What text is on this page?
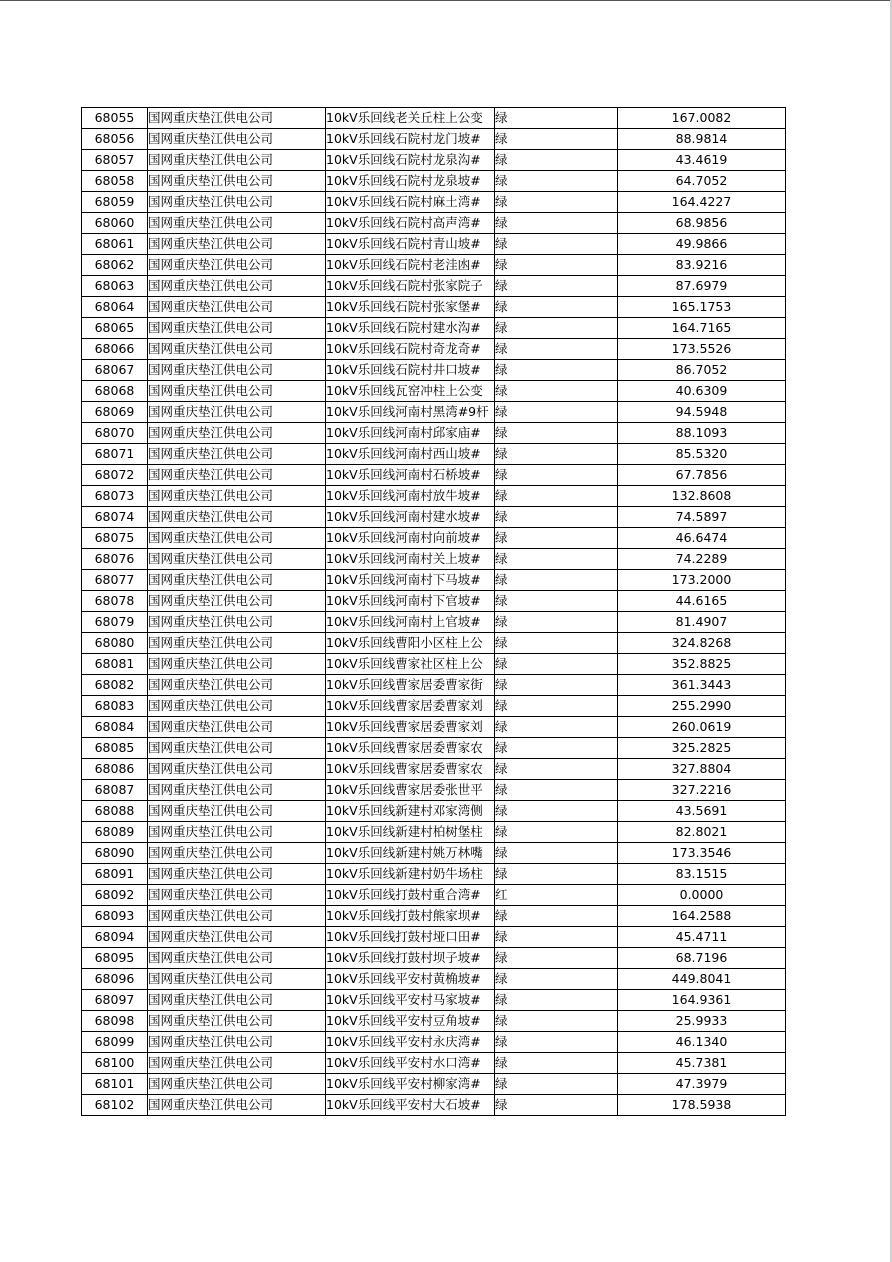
68055	国网重庆垫江供电公司	10kV乐回线老关丘柱上公变	绿	167.0082
68056	国网重庆垫江供电公司	10kV乐回线石院村龙门坡#	绿	88.9814
68057	国网重庆垫江供电公司	10kV乐回线石院村龙泉沟#	绿	43.4619
68058	国网重庆垫江供电公司	10kV乐回线石院村龙泉坡#	绿	64.7052
68059	国网重庆垫江供电公司	10kV乐回线石院村麻土湾#	绿	164.4227
68060	国网重庆垫江供电公司	10kV乐回线石院村高声湾#	绿	68.9856
68061	国网重庆垫江供电公司	10kV乐回线石院村青山坡#	绿	49.9866
68062	国网重庆垫江供电公司	10kV乐回线石院村老洼凼#	绿	83.9216
68063	国网重庆垫江供电公司	10kV乐回线石院村张家院子	绿	87.6979
68064	国网重庆垫江供电公司	10kV乐回线石院村张家堡#	绿	165.1753
68065	国网重庆垫江供电公司	10kV乐回线石院村建水沟#	绿	164.7165
68066	国网重庆垫江供电公司	10kV乐回线石院村奇龙奇#	绿	173.5526
68067	国网重庆垫江供电公司	10kV乐回线石院村井口坡#	绿	86.7052
68068	国网重庆垫江供电公司	10kV乐回线瓦窑冲柱上公变	绿	40.6309
68069	国网重庆垫江供电公司	10kV乐回线河南村黑湾#9杆	绿	94.5948
68070	国网重庆垫江供电公司	10kV乐回线河南村邱家庙#	绿	88.1093
68071	国网重庆垫江供电公司	10kV乐回线河南村西山坡#	绿	85.5320
68072	国网重庆垫江供电公司	10kV乐回线河南村石桥坡#	绿	67.7856
68073	国网重庆垫江供电公司	10kV乐回线河南村放牛坡#	绿	132.8608
68074	国网重庆垫江供电公司	10kV乐回线河南村建水坡#	绿	74.5897
68075	国网重庆垫江供电公司	10kV乐回线河南村向前坡#	绿	46.6474
68076	国网重庆垫江供电公司	10kV乐回线河南村关上坡#	绿	74.2289
68077	国网重庆垫江供电公司	10kV乐回线河南村下马坡#	绿	173.2000
68078	国网重庆垫江供电公司	10kV乐回线河南村下官坡#	绿	44.6165
68079	国网重庆垫江供电公司	10kV乐回线河南村上官坡#	绿	81.4907
68080	国网重庆垫江供电公司	10kV乐回线曹阳小区柱上公	绿	324.8268
68081	国网重庆垫江供电公司	10kV乐回线曹家社区柱上公	绿	352.8825
68082	国网重庆垫江供电公司	10kV乐回线曹家居委曹家街	绿	361.3443
68083	国网重庆垫江供电公司	10kV乐回线曹家居委曹家刘	绿	255.2990
68084	国网重庆垫江供电公司	10kV乐回线曹家居委曹家刘	绿	260.0619
68085	国网重庆垫江供电公司	10kV乐回线曹家居委曹家农	绿	325.2825
68086	国网重庆垫江供电公司	10kV乐回线曹家居委曹家农	绿	327.8804
68087	国网重庆垫江供电公司	10kV乐回线曹家居委张世平	绿	327.2216
68088	国网重庆垫江供电公司	10kV乐回线新建村邓家湾侧	绿	43.5691
68089	国网重庆垫江供电公司	10kV乐回线新建村柏树堡柱	绿	82.8021
68090	国网重庆垫江供电公司	10kV乐回线新建村姚万林嘴	绿	173.3546
68091	国网重庆垫江供电公司	10kV乐回线新建村奶牛场柱	绿	83.1515
68092	国网重庆垫江供电公司	10kV乐回线打鼓村重合湾#	红	0.0000
68093	国网重庆垫江供电公司	10kV乐回线打鼓村熊家坝#	绿	164.2588
68094	国网重庆垫江供电公司	10kV乐回线打鼓村垭口田#	绿	45.4711
68095	国网重庆垫江供电公司	10kV乐回线打鼓村坝子坡#	绿	68.7196
68096	国网重庆垫江供电公司	10kV乐回线平安村黄桷坡#	绿	449.8041
68097	国网重庆垫江供电公司	10kV乐回线平安村马家坡#	绿	164.9361
68098	国网重庆垫江供电公司	10kV乐回线平安村豆角坡#	绿	25.9933
68099	国网重庆垫江供电公司	10kV乐回线平安村永庆湾#	绿	46.1340
68100	国网重庆垫江供电公司	10kV乐回线平安村水口湾#	绿	45.7381
68101	国网重庆垫江供电公司	10kV乐回线平安村柳家湾#	绿	47.3979
68102	国网重庆垫江供电公司	10kV乐回线平安村大石坡#	绿	178.5938
